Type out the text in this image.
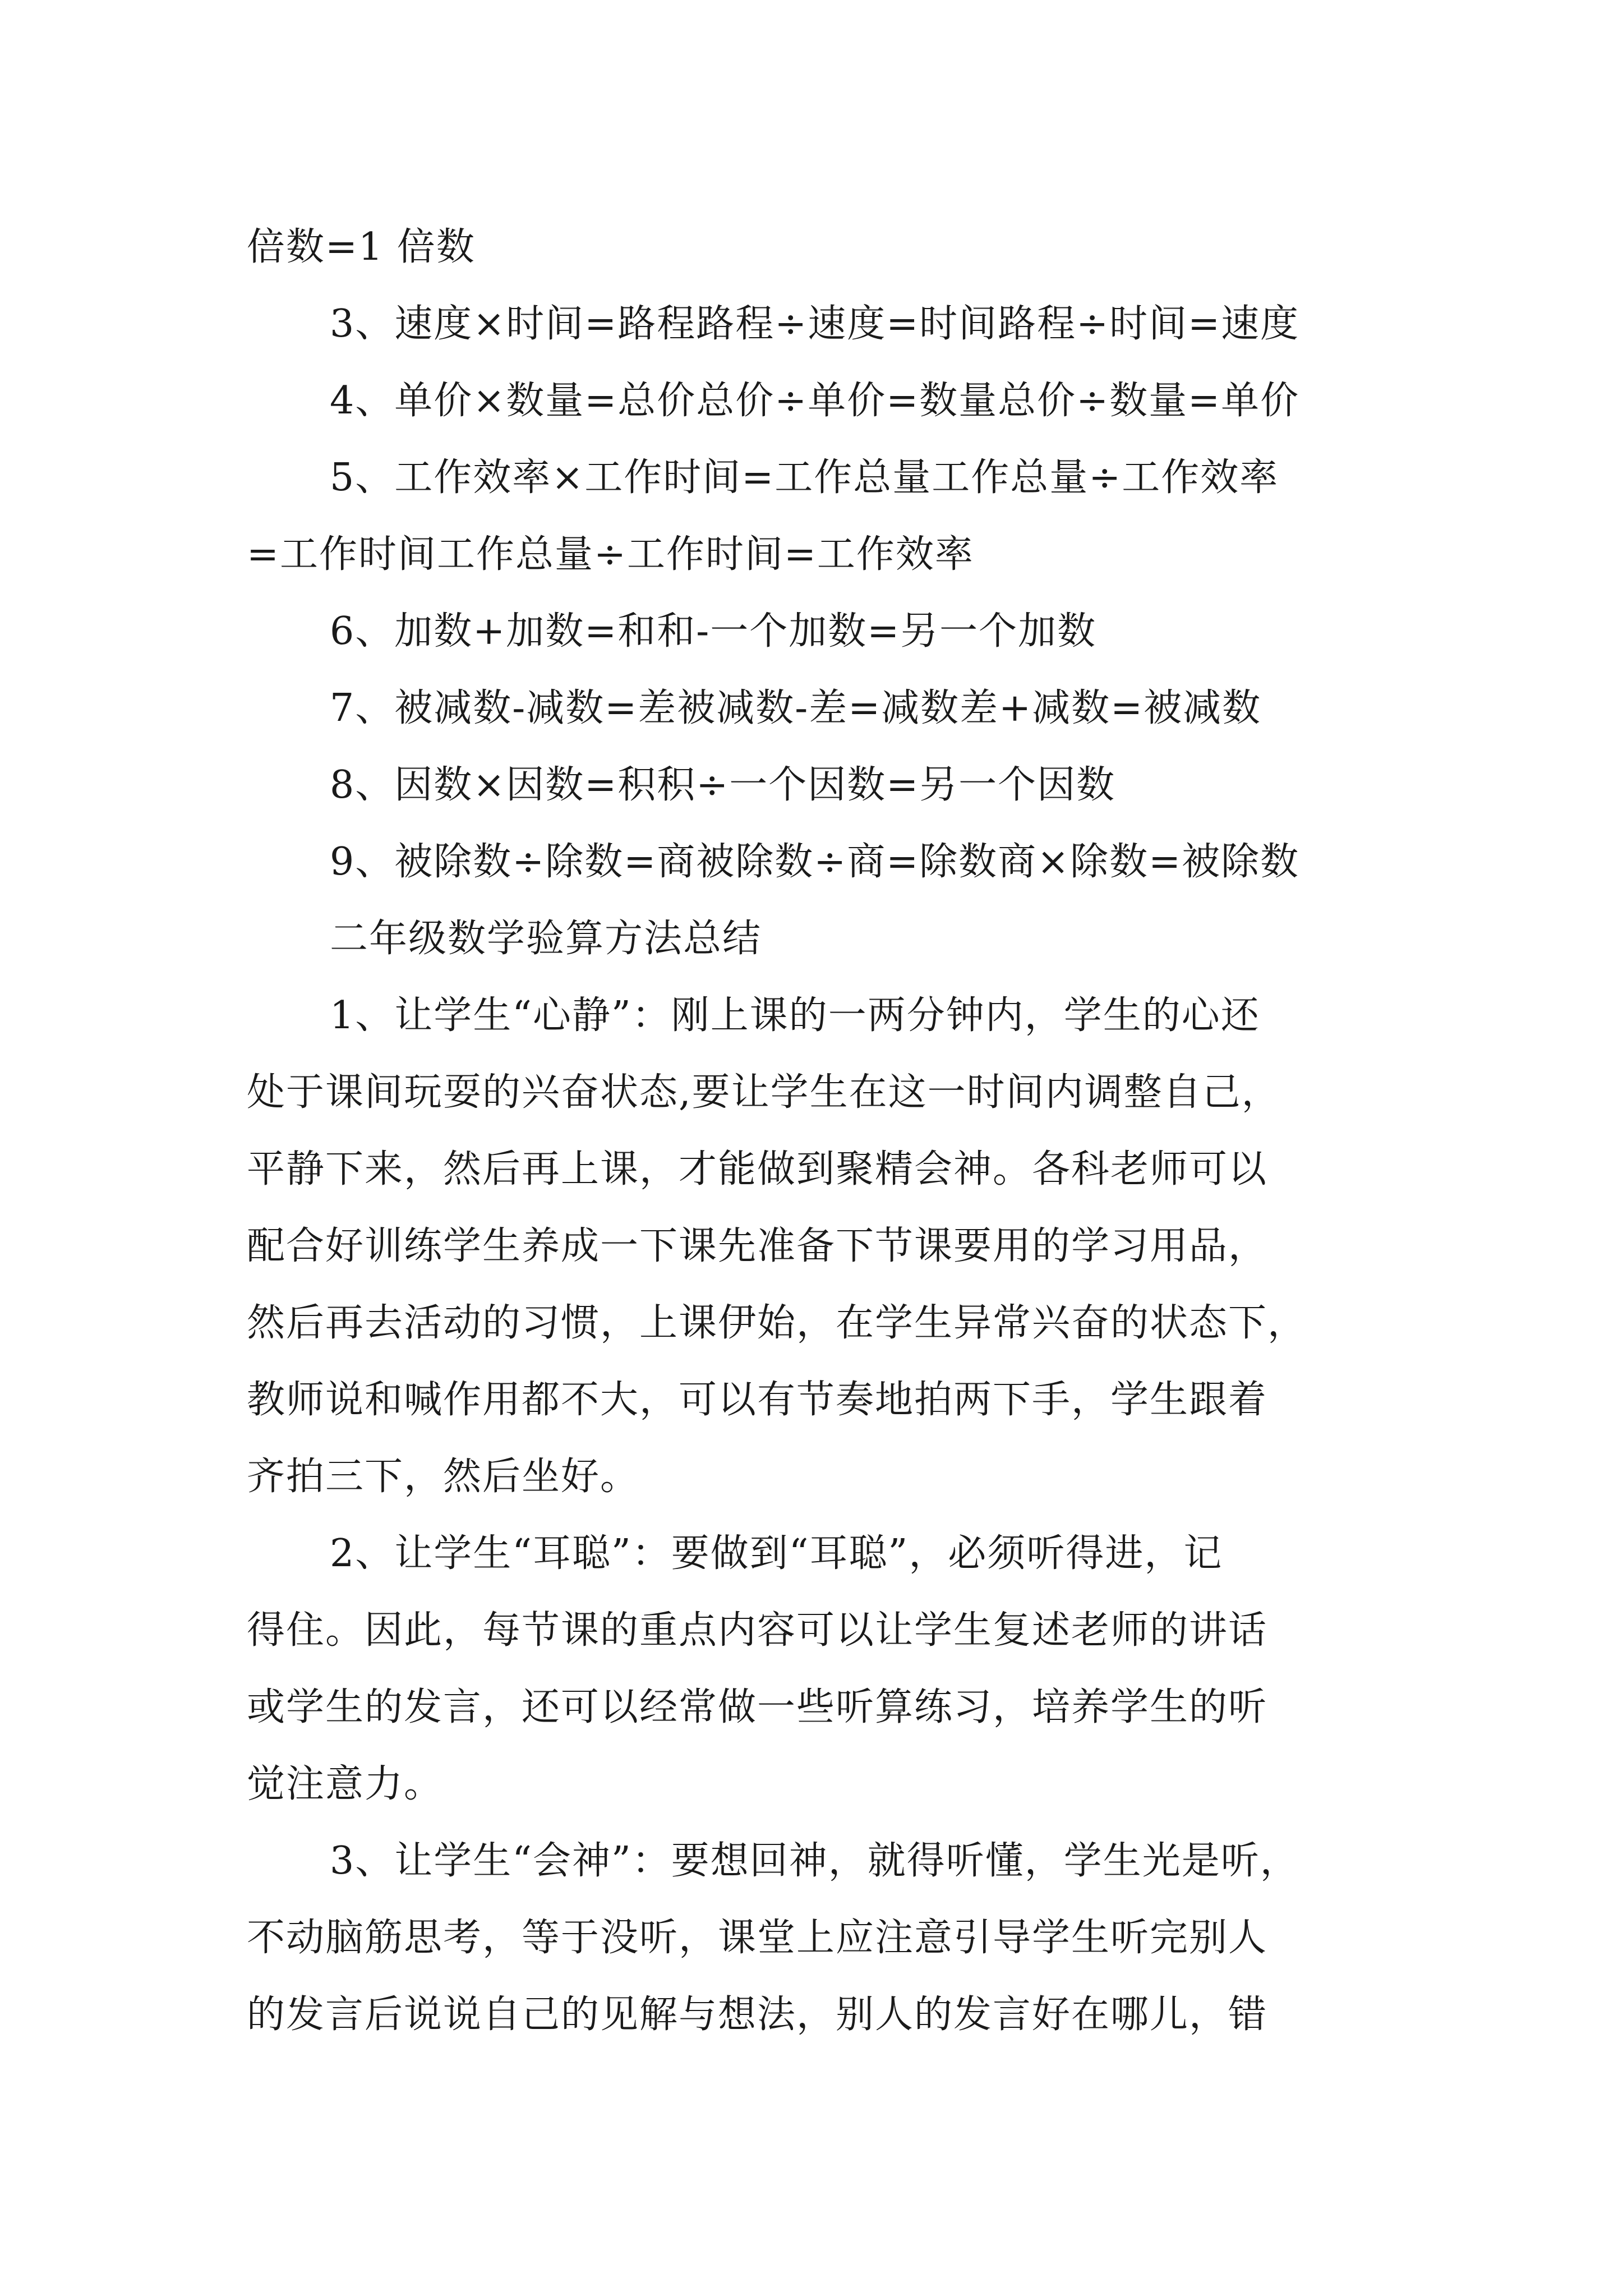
倍数=1 倍数
3、速度×时间=路程路程÷速度=时间路程÷时间=速度
4、单价×数量=总价总价÷单价=数量总价÷数量=单价
5、工作效率×工作时间=工作总量工作总量÷工作效率
=工作时间工作总量÷工作时间=工作效率
6、加数+加数=和和-一个加数=另一个加数
7、被减数-减数=差被减数-差=减数差+减数=被减数
8、因数×因数=积积÷一个因数=另一个因数
9、被除数÷除数=商被除数÷商=除数商×除数=被除数
二年级数学验算方法总结
1、让学生“心静”：刚上课的一两分钟内，学生的心还
处于课间玩耍的兴奋状态,要让学生在这一时间内调整自己，
平静下来，然后再上课，才能做到聚精会神。各科老师可以
配合好训练学生养成一下课先准备下节课要用的学习用品，
然后再去活动的习惯，上课伊始，在学生异常兴奋的状态下，
教师说和喊作用都不大，可以有节奏地拍两下手，学生跟着
齐拍三下，然后坐好。
2、让学生“耳聪”：要做到“耳聪”，必须听得进，记
得住。因此，每节课的重点内容可以让学生复述老师的讲话
或学生的发言，还可以经常做一些听算练习，培养学生的听
觉注意力。
3、让学生“会神”：要想回神，就得听懂，学生光是听，
不动脑筋思考，等于没听，课堂上应注意引导学生听完别人
的发言后说说自己的见解与想法，别人的发言好在哪儿，错
